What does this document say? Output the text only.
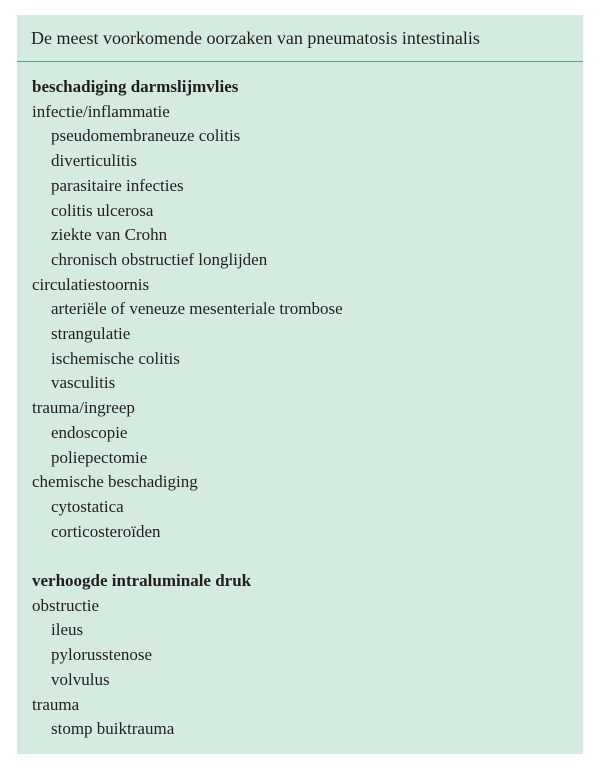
De meest voorkomende oorzaken van pneumatosis intestinalis
beschadiging darmslijmvlies
infectie/inflammatie
pseudomembraneuze colitis
diverticulitis
parasitaire infecties
colitis ulcerosa
ziekte van Crohn
chronisch obstructief longlijden
circulatiestoornis
arteriële of veneuze mesenteriale trombose
strangulatie
ischemische colitis
vasculitis
trauma/ingreep
endoscopie
poliepectomie
chemische beschadiging
cytostatica
corticosteroïden
verhoogde intraluminale druk
obstructie
ileus
pylorusstenose
volvulus
trauma
stomp buiktrauma
